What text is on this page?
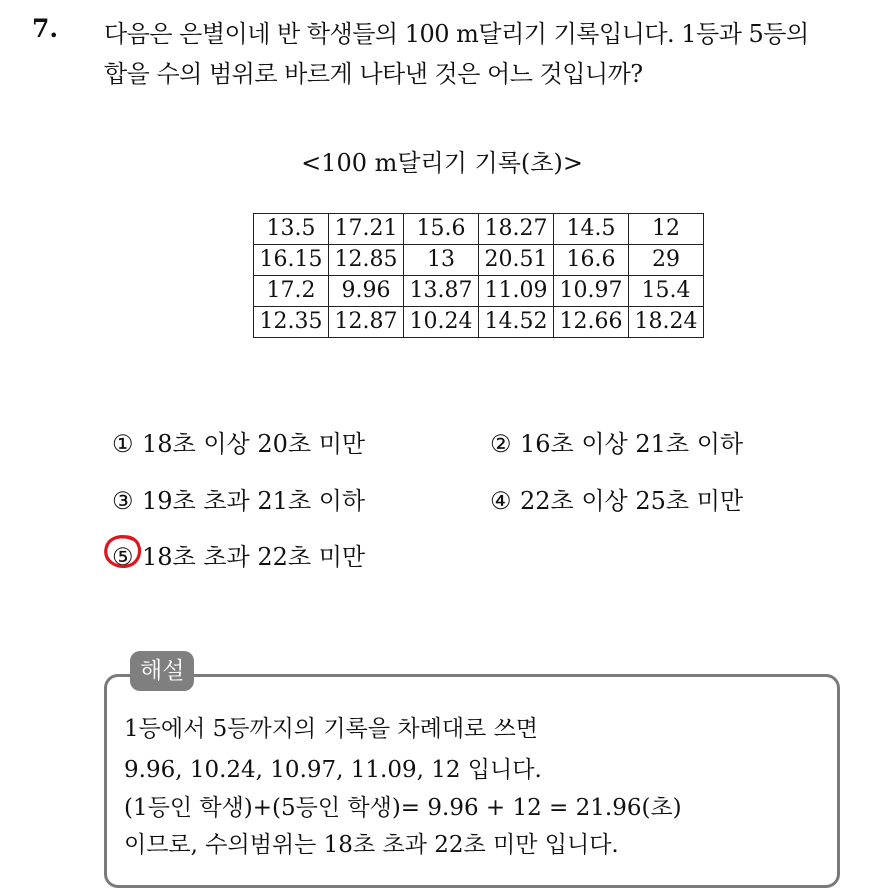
7. 다음은 은별이네 반 학생들의 100 m달리기 기록입니다. 1등과 5등의
합을 수의 범위로 바르게 나타낸 것은 어느 것입니까?
<100 m달리기 기록(초)>
13.5	17.21	15.6	18.27	14.5	12
16.15	12.85	13	20.51	16.6	29
17.2	9.96	13.87	11.09	10.97	15.4
12.35	12.87	10.24	14.52	12.66	18.24
① 18초 이상 20초 미만	② 16초 이상 21초 이하
③ 19초 초과 21초 이하	④ 22초 이상 25초 미만
⑤ 18초 초과 22초 미만
해설
1등에서 5등까지의 기록을 차례대로 쓰면
9.96, 10.24, 10.97, 11.09, 12 입니다.
(1등인 학생)+(5등인 학생)= 9.96 + 12 = 21.96(초)
이므로, 수의범위는 18초 초과 22초 미만 입니다.
